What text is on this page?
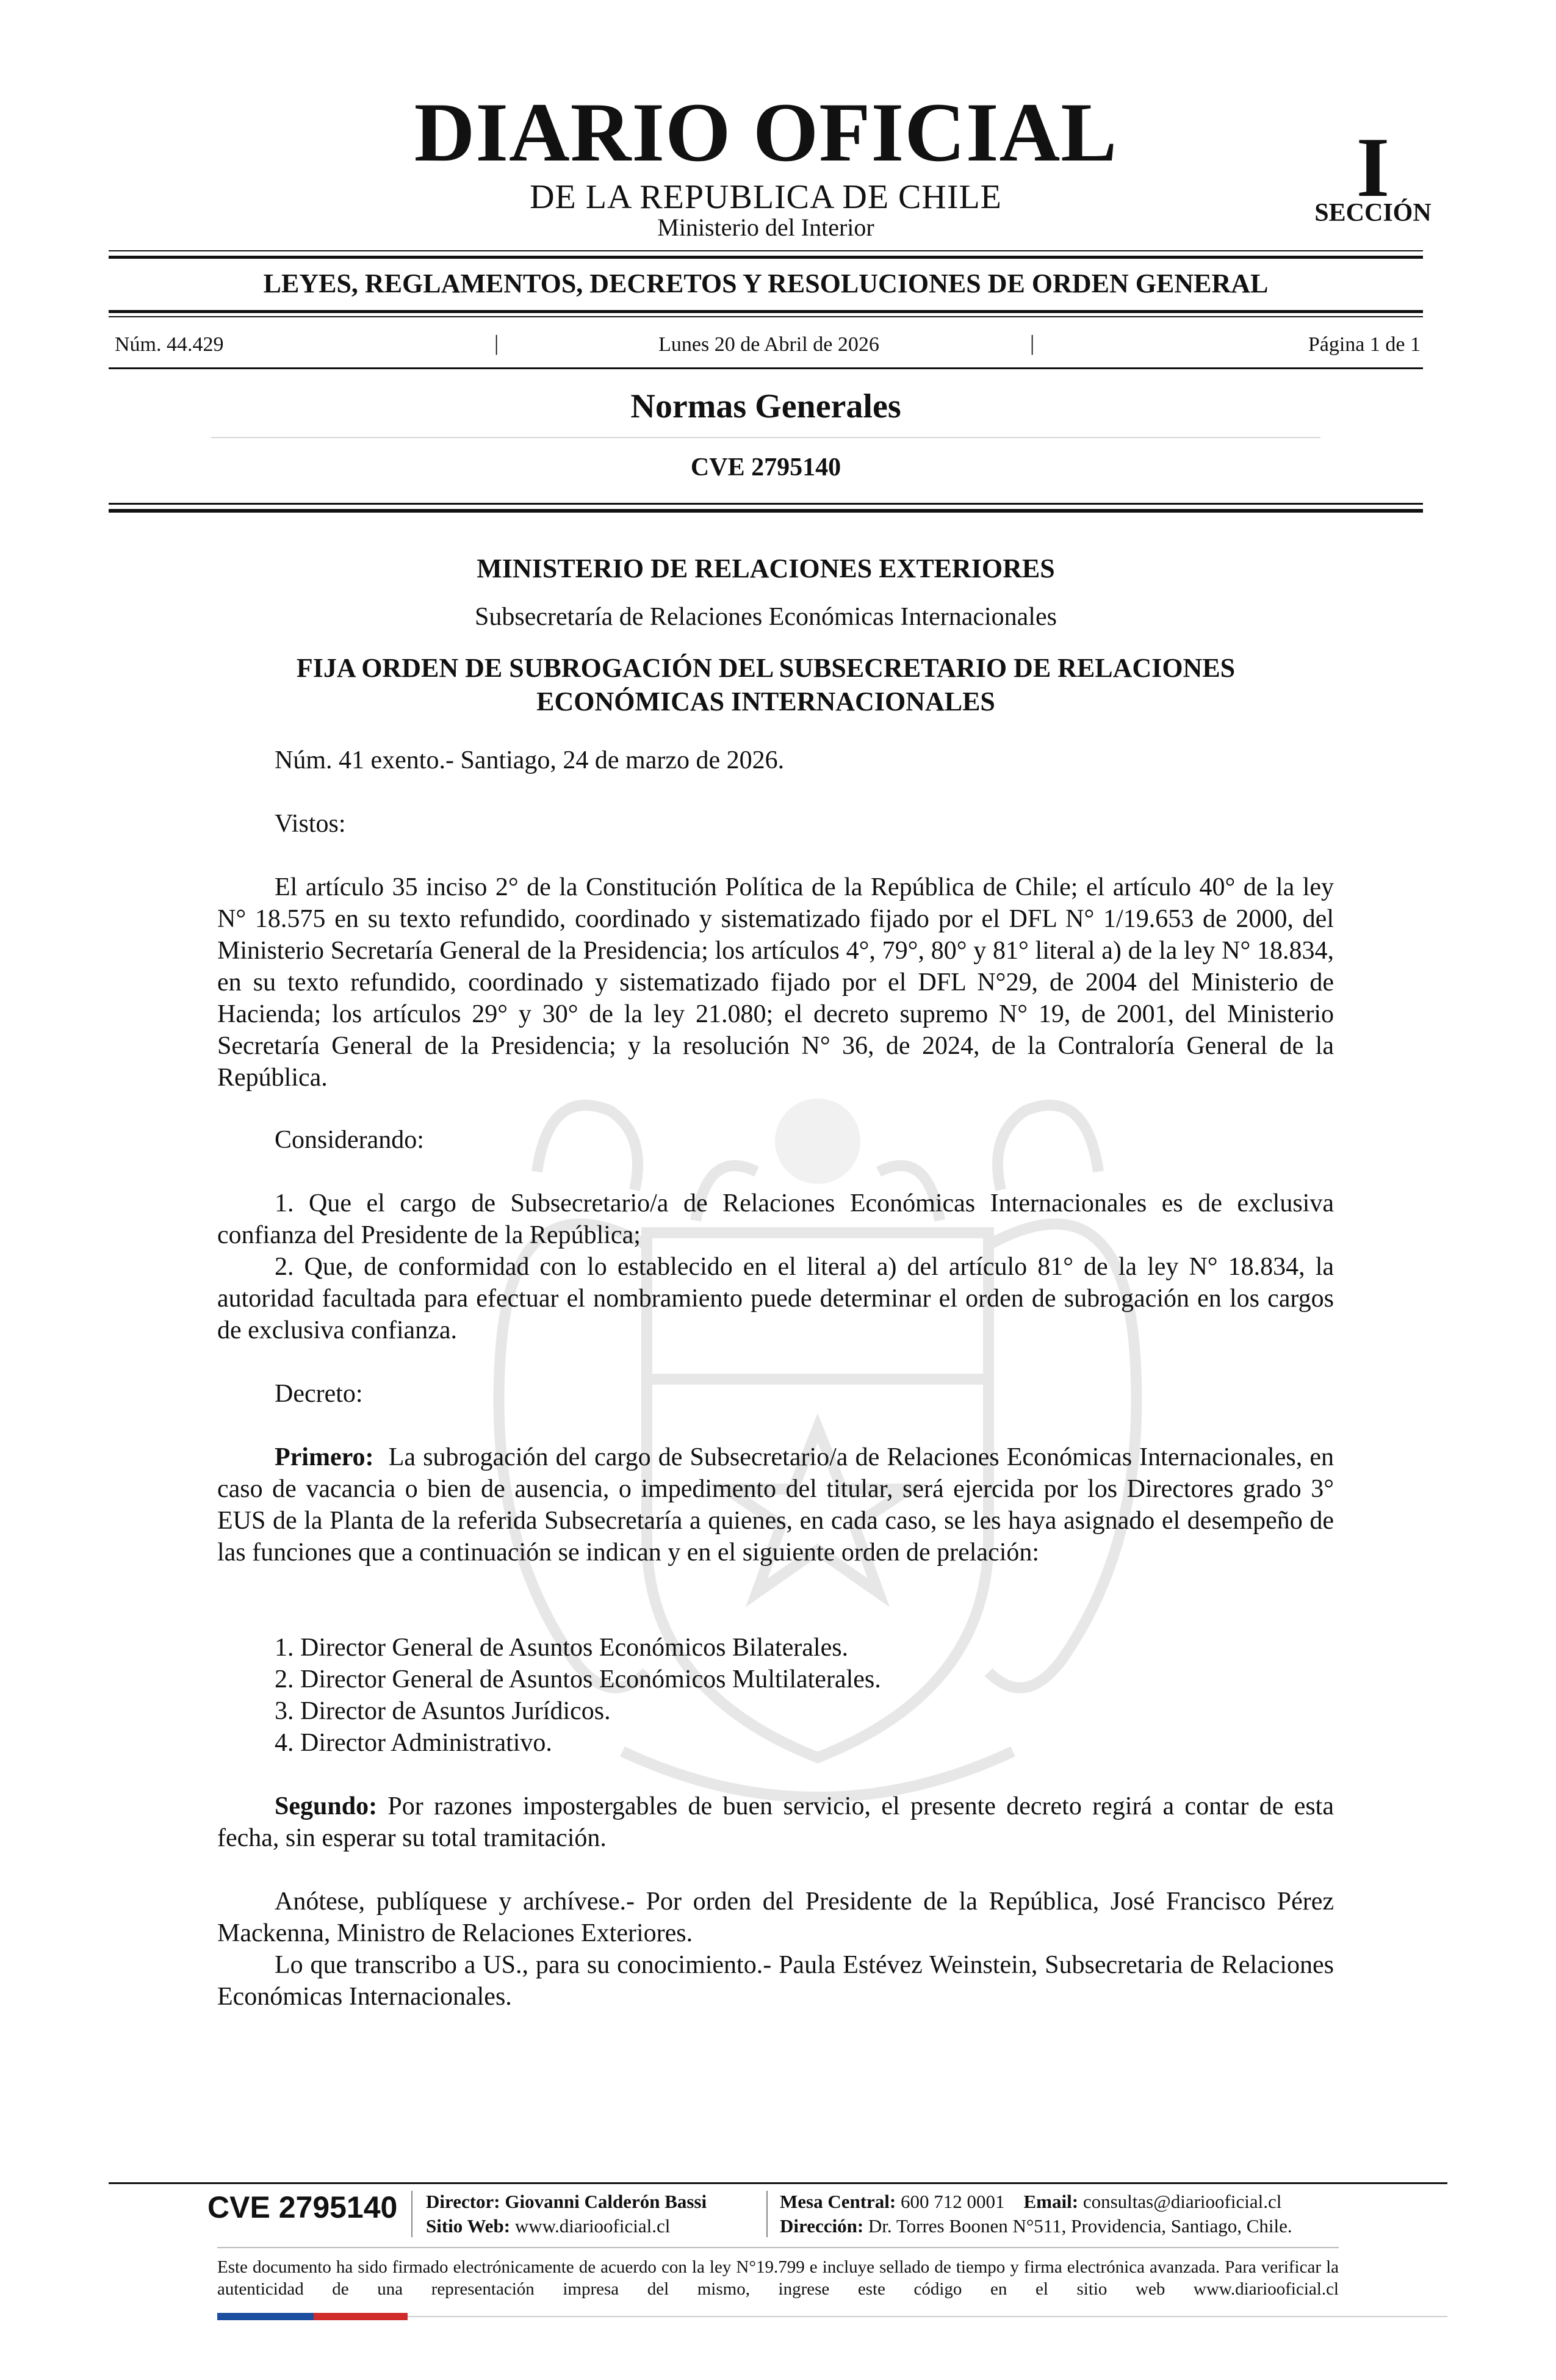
DIARIO OFICIAL
DE LA REPUBLICA DE CHILE
Ministerio del Interior
I
SECCIÓN
LEYES, REGLAMENTOS, DECRETOS Y RESOLUCIONES DE ORDEN GENERAL
Núm. 44.429	|	Lunes 20 de Abril de 2026	|	Página 1 de 1
Normas Generales
CVE 2795140
MINISTERIO DE RELACIONES EXTERIORES
Subsecretaría de Relaciones Económicas Internacionales
FIJA ORDEN DE SUBROGACIÓN DEL SUBSECRETARIO DE RELACIONES ECONÓMICAS INTERNACIONALES
Núm. 41 exento.- Santiago, 24 de marzo de 2026.
Vistos:
El artículo 35 inciso 2° de la Constitución Política de la República de Chile; el artículo 40° de la ley N° 18.575 en su texto refundido, coordinado y sistematizado fijado por el DFL N° 1/19.653 de 2000, del Ministerio Secretaría General de la Presidencia; los artículos 4°, 79°, 80° y 81° literal a) de la ley N° 18.834, en su texto refundido, coordinado y sistematizado fijado por el DFL N°29, de 2004 del Ministerio de Hacienda; los artículos 29° y 30° de la ley 21.080; el decreto supremo N° 19, de 2001, del Ministerio Secretaría General de la Presidencia; y la resolución N° 36, de 2024, de la Contraloría General de la República.
Considerando:
1. Que el cargo de Subsecretario/a de Relaciones Económicas Internacionales es de exclusiva confianza del Presidente de la República;
2. Que, de conformidad con lo establecido en el literal a) del artículo 81° de la ley N° 18.834, la autoridad facultada para efectuar el nombramiento puede determinar el orden de subrogación en los cargos de exclusiva confianza.
Decreto:
Primero: La subrogación del cargo de Subsecretario/a de Relaciones Económicas Internacionales, en caso de vacancia o bien de ausencia, o impedimento del titular, será ejercida por los Directores grado 3° EUS de la Planta de la referida Subsecretaría a quienes, en cada caso, se les haya asignado el desempeño de las funciones que a continuación se indican y en el siguiente orden de prelación:
1. Director General de Asuntos Económicos Bilaterales.
2. Director General de Asuntos Económicos Multilaterales.
3. Director de Asuntos Jurídicos.
4. Director Administrativo.
Segundo: Por razones impostergables de buen servicio, el presente decreto regirá a contar de esta fecha, sin esperar su total tramitación.
Anótese, publíquese y archívese.- Por orden del Presidente de la República, José Francisco Pérez Mackenna, Ministro de Relaciones Exteriores.
Lo que transcribo a US., para su conocimiento.- Paula Estévez Weinstein, Subsecretaria de Relaciones Económicas Internacionales.
CVE 2795140 Director: Giovanni Calderón Bassi
Sitio Web: www.diariooficial.cl
Mesa Central: 600 712 0001 Email: consultas@diariooficial.cl
Dirección: Dr. Torres Boonen N°511, Providencia, Santiago, Chile.
Este documento ha sido firmado electrónicamente de acuerdo con la ley N°19.799 e incluye sellado de tiempo y firma electrónica avanzada. Para verificar la autenticidad de una representación impresa del mismo, ingrese este código en el sitio web www.diariooficial.cl
